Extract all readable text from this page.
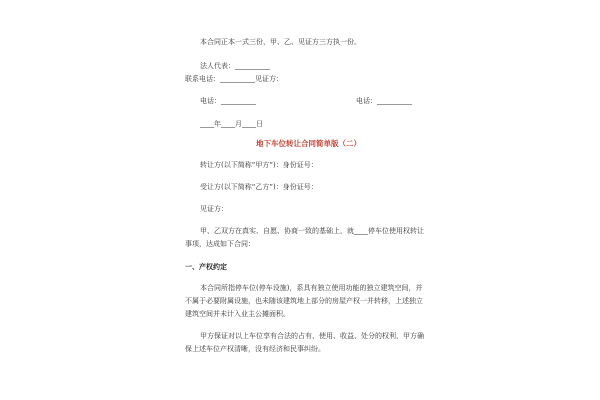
本合同正本一式三份，甲、乙、见证方三方执一份。
法人代表：__________
联系电话：__________见证方：
电话：__________	电话：__________
____年____月____日
地下车位转让合同简单版（二）
转让方(以下简称“甲方”)：身份证号：
受让方(以下简称“乙方”)：身份证号：
见证方：
甲、乙双方在真实、自愿、协商一致的基础上，就____停车位使用权转让
事项，达成如下合同：
一、产权约定
本合同所指停车位(停车设施)，系具有独立使用功能的独立建筑空间，并
不属于必要附属设施，也未随该建筑地上部分的房屋产权一并转移，上述独立
建筑空间并未计入业主公摊面积。
甲方保证对以上车位享有合法的占有、使用、收益、处分的权利，甲方确
保上述车位产权清晰，没有经济和民事纠纷。
